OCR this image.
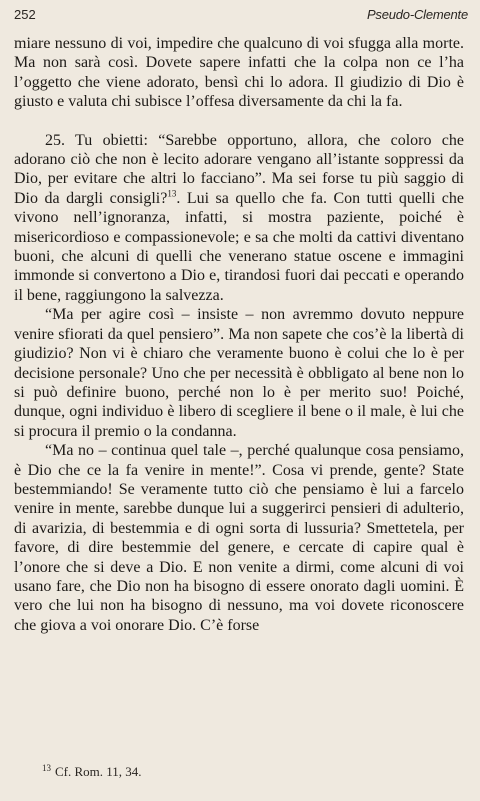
252	Pseudo-Clemente

miare nessuno di voi, impedire che qualcuno di voi sfugga alla morte. Ma non sarà così. Dovete sapere infatti che la colpa non ce l’ha l’oggetto che viene adorato, bensì chi lo adora. Il giudizio di Dio è giusto e valuta chi subisce l’offesa diversamente da chi la fa.

25. Tu obietti: “Sarebbe opportuno, allora, che coloro che adorano ciò che non è lecito adorare vengano all’istante soppressi da Dio, per evitare che altri lo facciano”. Ma sei forse tu più saggio di Dio da dargli consigli?$^{13}$. Lui sa quello che fa. Con tutti quelli che vivono nell’ignoranza, infatti, si mostra paziente, poiché è misericordioso e compassionevole; e sa che molti da cattivi diventano buoni, che alcuni di quelli che venerano statue oscene e immagini immonde si convertono a Dio e, tirandosi fuori dai peccati e operando il bene, raggiungono la salvezza.

“Ma per agire così – insiste – non avremmo dovuto neppure venire sfiorati da quel pensiero”. Ma non sapete che cos’è la libertà di giudizio? Non vi è chiaro che veramente buono è colui che lo è per decisione personale? Uno che per necessità è obbligato al bene non lo si può definire buono, perché non lo è per merito suo! Poiché, dunque, ogni individuo è libero di scegliere il bene o il male, è lui che si procura il premio o la condanna.

“Ma no – continua quel tale –, perché qualunque cosa pensiamo, è Dio che ce la fa venire in mente!”. Cosa vi prende, gente? State bestemmiando! Se veramente tutto ciò che pensiamo è lui a farcelo venire in mente, sarebbe dunque lui a suggerirci pensieri di adulterio, di avarizia, di bestemmia e di ogni sorta di lussuria? Smettetela, per favore, di dire bestemmie del genere, e cercate di capire qual è l’onore che si deve a Dio. E non venite a dirmi, come alcuni di voi usano fare, che Dio non ha bisogno di essere onorato dagli uomini. È vero che lui non ha bisogno di nessuno, ma voi dovete riconoscere che giova a voi onorare Dio. C’è forse

$^{13}$ Cf. Rom. 11, 34.
